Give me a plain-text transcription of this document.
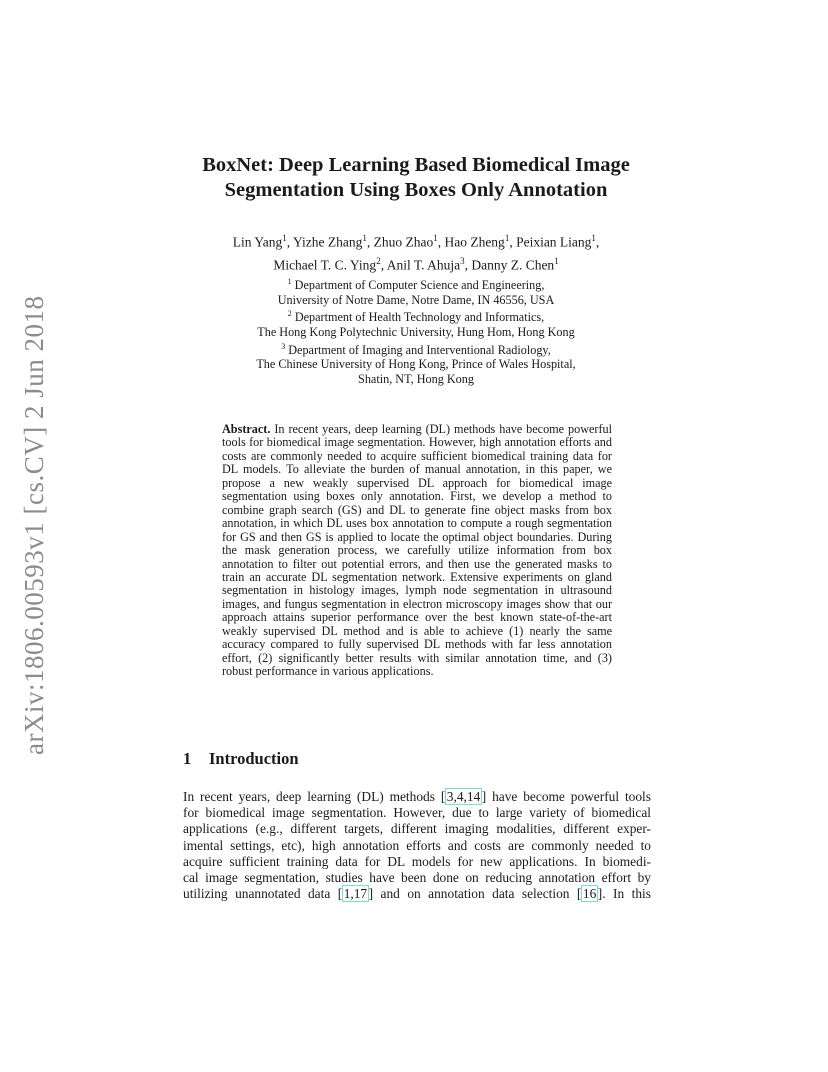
arXiv:1806.00593v1 [cs.CV] 2 Jun 2018
BoxNet: Deep Learning Based Biomedical Image
Segmentation Using Boxes Only Annotation
Lin Yang$^1$, Yizhe Zhang$^1$, Zhuo Zhao$^1$, Hao Zheng$^1$, Peixian Liang$^1$,
Michael T. C. Ying$^2$, Anil T. Ahuja$^3$, Danny Z. Chen$^1$
$^1$ Department of Computer Science and Engineering,
University of Notre Dame, Notre Dame, IN 46556, USA
$^2$ Department of Health Technology and Informatics,
The Hong Kong Polytechnic University, Hung Hom, Hong Kong
$^3$ Department of Imaging and Interventional Radiology,
The Chinese University of Hong Kong, Prince of Wales Hospital,
Shatin, NT, Hong Kong
Abstract. In recent years, deep learning (DL) methods have become powerful tools for biomedical image segmentation. However, high annotation efforts and costs are commonly needed to acquire sufficient biomedical training data for DL models. To alleviate the burden of manual annotation, in this paper, we propose a new weakly supervised DL approach for biomedical image segmentation using boxes only annotation. First, we develop a method to combine graph search (GS) and DL to generate fine object masks from box annotation, in which DL uses box annotation to compute a rough segmentation for GS and then GS is applied to locate the optimal object boundaries. During the mask generation process, we carefully utilize information from box annotation to filter out potential errors, and then use the generated masks to train an accurate DL segmentation network. Extensive experiments on gland segmentation in histology images, lymph node segmentation in ultrasound images, and fungus segmentation in electron microscopy images show that our approach attains superior performance over the best known state-of-the-art weakly supervised DL method and is able to achieve (1) nearly the same accuracy compared to fully supervised DL methods with far less annotation effort, (2) significantly better results with similar annotation time, and (3) robust performance in various applications.
1 Introduction
In recent years, deep learning (DL) methods [ 3,4,14 ] have become powerful tools
for biomedical image segmentation. However, due to large variety of biomedical
applications (e.g., different targets, different imaging modalities, different exper-
imental settings, etc), high annotation efforts and costs are commonly needed to
acquire sufficient training data for DL models for new applications. In biomedi-
cal image segmentation, studies have been done on reducing annotation effort by
utilizing unannotated data [ 1,17 ] and on annotation data selection [ 16 ]. In this
